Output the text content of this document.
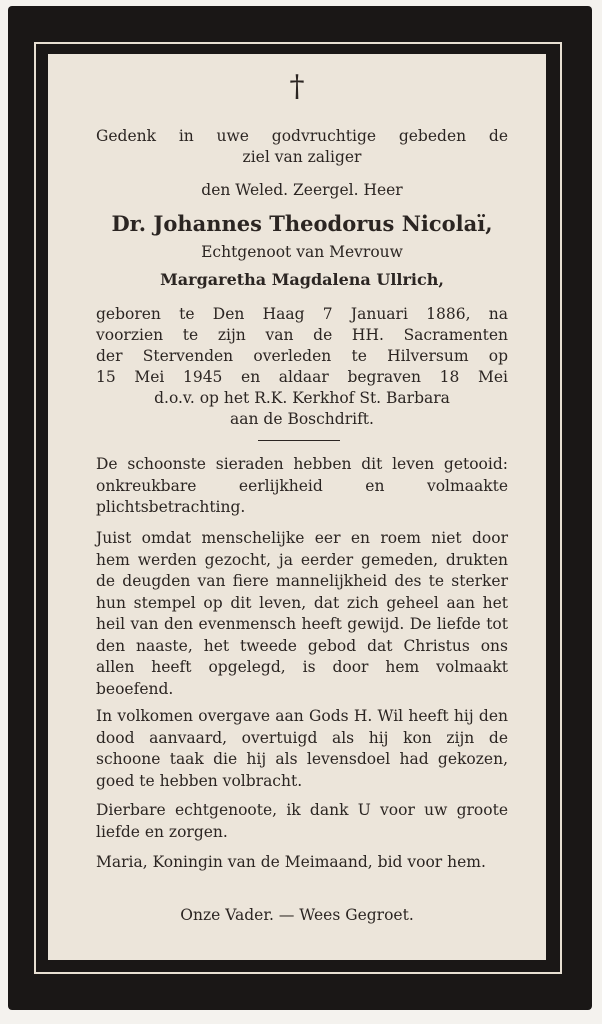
†
Gedenk in uwe godvruchtige gebeden de
ziel van zaliger
den Weled. Zeergel. Heer
Dr. Johannes Theodorus Nicolaï,
Echtgenoot van Mevrouw
Margaretha Magdalena Ullrich,
geboren te Den Haag 7 Januari 1886, na
voorzien te zijn van de HH. Sacramenten
der Stervenden overleden te Hilversum op
15 Mei 1945 en aldaar begraven 18 Mei
d.o.v. op het R.K. Kerkhof St. Barbara
aan de Boschdrift.
De schoonste sieraden hebben dit leven getooid: onkreukbare eerlijkheid en volmaakte plichtsbetrachting.
Juist omdat menschelijke eer en roem niet door hem werden gezocht, ja eerder gemeden, drukten de deugden van fiere mannelijkheid des te sterker hun stempel op dit leven, dat zich geheel aan het heil van den evenmensch heeft gewijd. De liefde tot den naaste, het tweede gebod dat Christus ons allen heeft opgelegd, is door hem volmaakt beoefend.
In volkomen overgave aan Gods H. Wil heeft hij den dood aanvaard, overtuigd als hij kon zijn de schoone taak die hij als levensdoel had gekozen, goed te hebben volbracht.
Dierbare echtgenoote, ik dank U voor uw groote liefde en zorgen.
Maria, Koningin van de Meimaand, bid voor hem.
Onze Vader. — Wees Gegroet.
